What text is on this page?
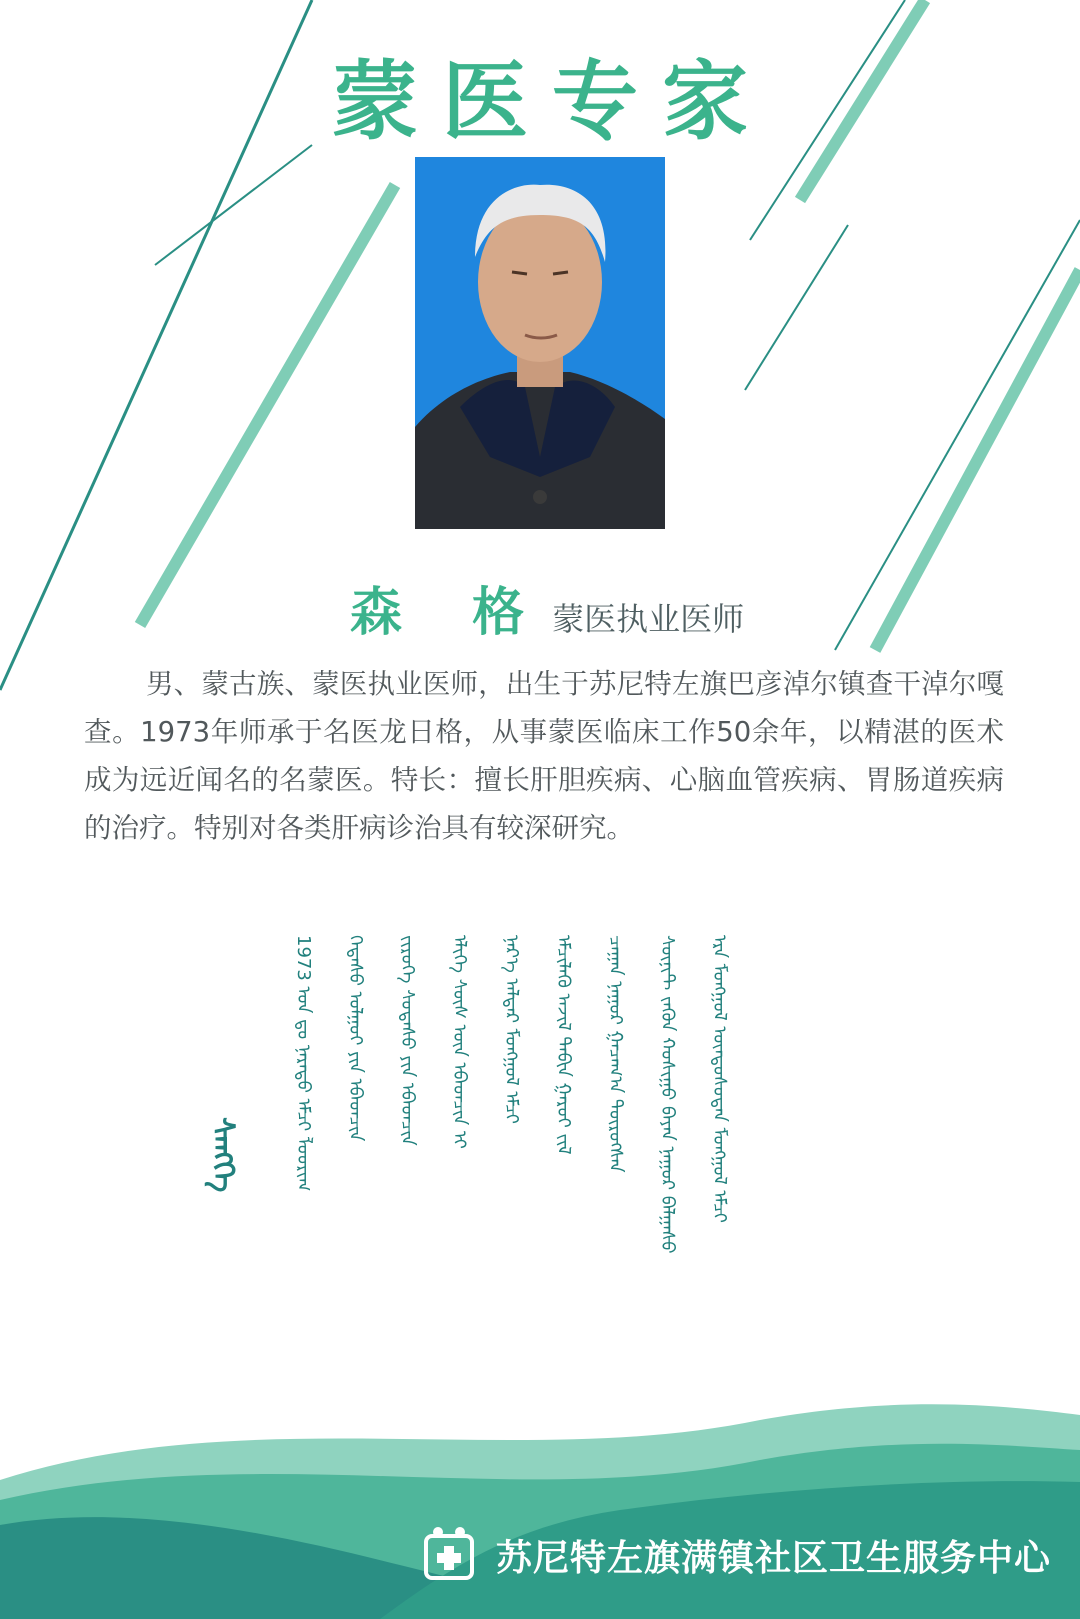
蒙医专家
森 格 蒙医执业医师

男、蒙古族、蒙医执业医师，出生于苏尼特左旗巴彦淖尔镇查干淖尔嘎查。1973年师承于名医龙日格，从事蒙医临床工作50余年，以精湛的医术成为远近闻名的名蒙医。特长：擅长肝胆疾病、心脑血管疾病、胃肠道疾病的治疗。特别对各类肝病诊治具有较深研究。

ᠰᠡᠩᠭᠡ	ᠡᠷᠡ ᠮᠣᠩᠭᠣᠯ ᠦᠨᠳᠦᠰᠦᠲᠡᠨ ᠮᠣᠩᠭᠣᠯ ᠡᠮᠴᠢ
ᠰᠦᠨᠢᠲ ᠵᠡᠭᠦᠨ ᠬᠣᠰᠢᠭᠤ ᠪᠠᠶᠠᠨ ᠨᠠᠭᠤᠷ ᠪᠠᠯᠭᠠᠰᠤ
ᠴᠠᠭᠠᠨ ᠨᠠᠭᠤᠷ ᠭᠠᠴᠠᠭ᠎ᠠ ᠲᠥᠷᠦᠭᠰᠡᠨ
ᠡᠮᠴᠢᠯᠡᠬᠦ ᠠᠵᠢᠯ ᠲᠠᠪᠢᠨ ᠭᠠᠷᠤᠢ ᠵᠢᠯ
ᠨᠡᠷ᠎ᠡ ᠠᠯᠳᠠᠷ ᠮᠣᠩᠭᠣᠯ ᠡᠮᠴᠢ
ᠡᠯᠢᠭᠡ ᠰᠦᠰ ᠦᠨ ᠡᠪᠡᠳᠴᠢᠨ ᠢ
ᠵᠢᠷᠦᠬᠡ ᠰᠤᠳᠠᠰᠤ ᠶᠢᠨ ᠡᠪᠡᠳᠴᠢᠨ
ᠭᠡᠳᠡᠰᠦ ᠣᠯᠭᠣᠢ ᠶᠢᠨ ᠡᠪᠡᠳᠴᠢᠨ
1973 ᠣᠨ ᠳᠤ ᠨᠡᠷᠡᠲᠦ ᠡᠮᠴᠢ ᠯᠤᠤᠷᠢᠭ
苏尼特左旗满镇社区卫生服务中心
